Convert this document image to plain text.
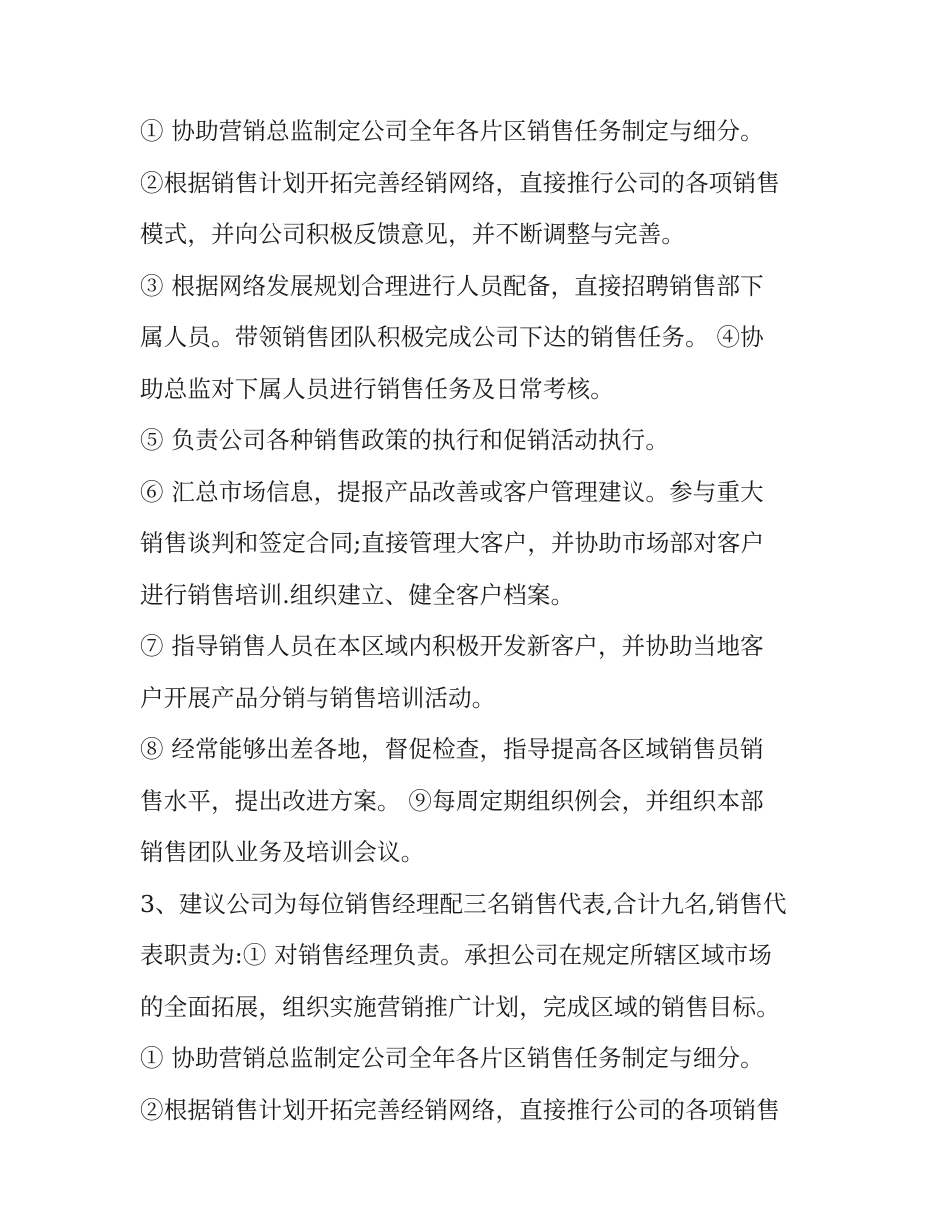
① 协助营销总监制定公司全年各片区销售任务制定与细分。
②根据销售计划开拓完善经销网络，直接推行公司的各项销售
模式，并向公司积极反馈意见，并不断调整与完善。
③ 根据网络发展规划合理进行人员配备，直接招聘销售部下
属人员。带领销售团队积极完成公司下达的销售任务。 ④协
助总监对下属人员进行销售任务及日常考核。
⑤ 负责公司各种销售政策的执行和促销活动执行。
⑥ 汇总市场信息，提报产品改善或客户管理建议。参与重大
销售谈判和签定合同;直接管理大客户，并协助市场部对客户
进行销售培训.组织建立、健全客户档案。
⑦ 指导销售人员在本区域内积极开发新客户，并协助当地客
户开展产品分销与销售培训活动。
⑧ 经常能够出差各地，督促检查，指导提高各区域销售员销
售水平，提出改进方案。 ⑨每周定期组织例会，并组织本部
销售团队业务及培训会议。
3、建议公司为每位销售经理配三名销售代表,合计九名,销售代
表职责为:① 对销售经理负责。承担公司在规定所辖区域市场
的全面拓展，组织实施营销推广计划，完成区域的销售目标。
① 协助营销总监制定公司全年各片区销售任务制定与细分。
②根据销售计划开拓完善经销网络，直接推行公司的各项销售
